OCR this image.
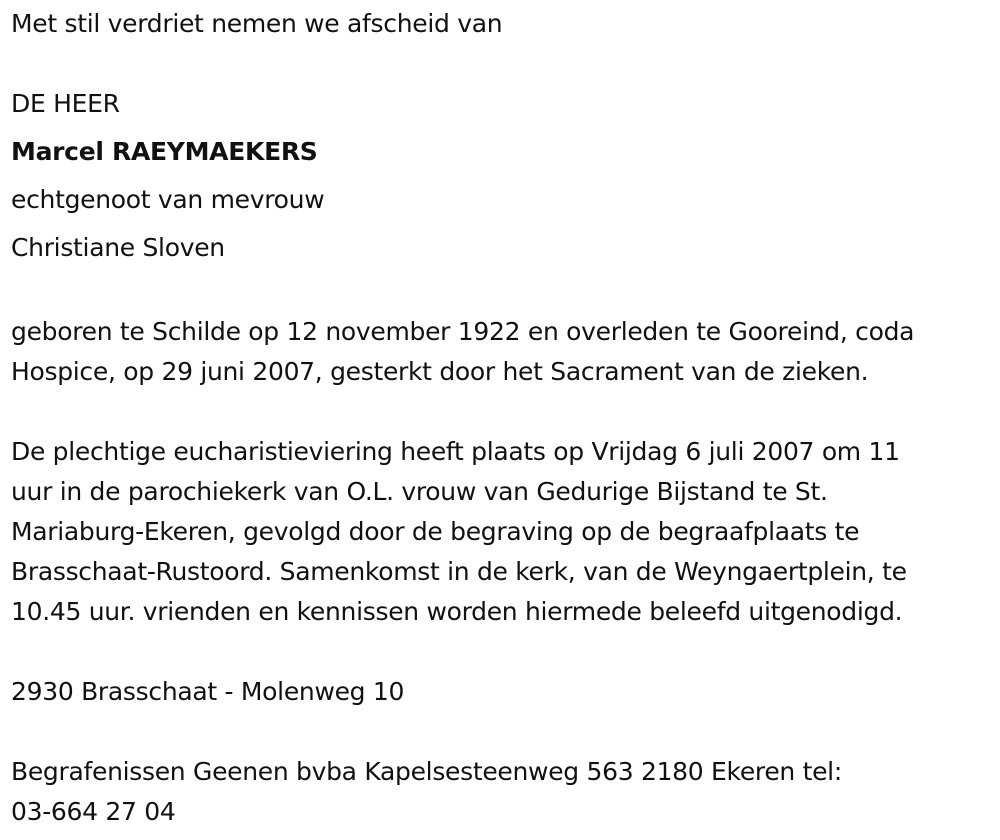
Met stil verdriet nemen we afscheid van
DE HEER
Marcel RAEYMAEKERS
echtgenoot van mevrouw
Christiane Sloven
geboren te Schilde op 12 november 1922 en overleden te Gooreind, coda
Hospice, op 29 juni 2007, gesterkt door het Sacrament van de zieken.
De plechtige eucharistieviering heeft plaats op Vrijdag 6 juli 2007 om 11
uur in de parochiekerk van O.L. vrouw van Gedurige Bijstand te St.
Mariaburg-Ekeren, gevolgd door de begraving op de begraafplaats te
Brasschaat-Rustoord. Samenkomst in de kerk, van de Weyngaertplein, te
10.45 uur. vrienden en kennissen worden hiermede beleefd uitgenodigd.
2930 Brasschaat - Molenweg 10
Begrafenissen Geenen bvba Kapelsesteenweg 563 2180 Ekeren tel:
03-664 27 04
